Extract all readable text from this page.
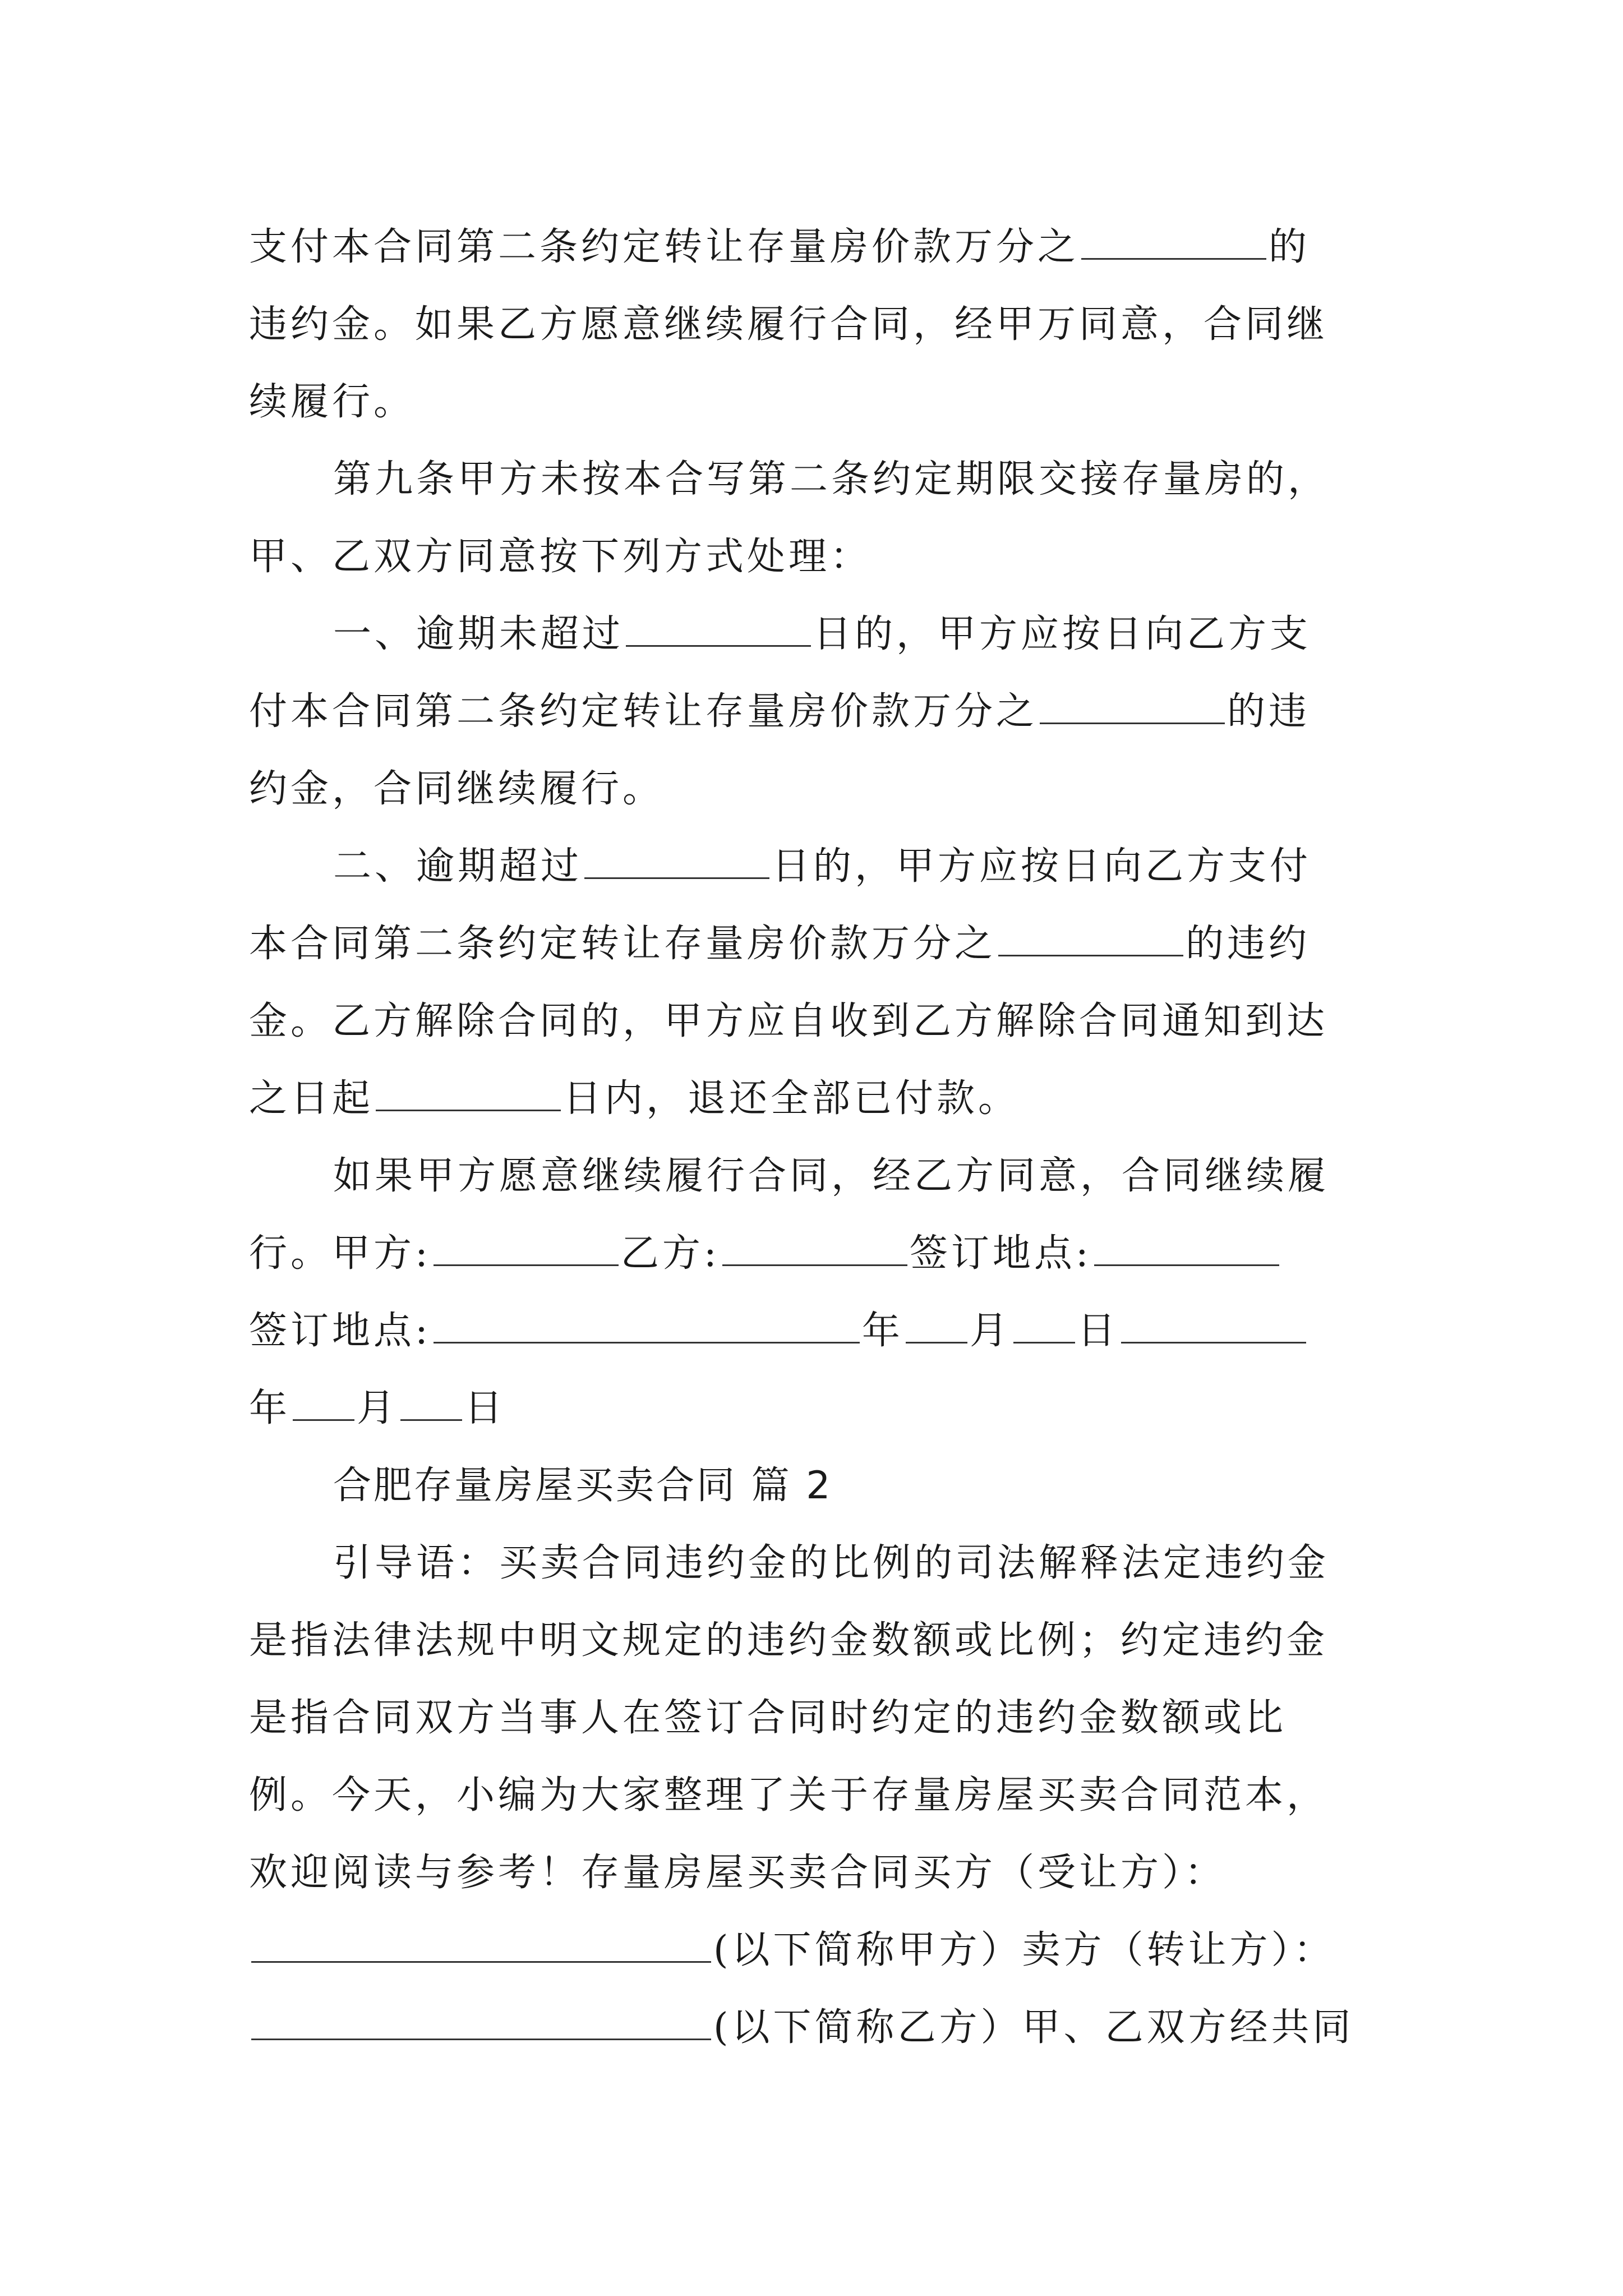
支付本合同第二条约定转让存量房价款万分之	的
违约金。如果乙方愿意继续履行合同，经甲万同意，合同继
续履行。
第九条甲方未按本合写第二条约定期限交接存量房的，
甲、乙双方同意按下列方式处理：
一、逾期未超过	日的，甲方应按日向乙方支
付本合同第二条约定转让存量房价款万分之	的违
约金，合同继续履行。
二、逾期超过	日的，甲方应按日向乙方支付
本合同第二条约定转让存量房价款万分之	的违约
金。乙方解除合同的，甲方应自收到乙方解除合同通知到达
之日起	日内，退还全部已付款。
如果甲方愿意继续履行合同，经乙方同意，合同继续履
行。甲方:	乙方:	签订地点:
签订地点:	年 月 日
年 月 日
合肥存量房屋买卖合同 篇 2
引导语：买卖合同违约金的比例的司法解释法定违约金
是指法律法规中明文规定的违约金数额或比例；约定违约金
是指合同双方当事人在签订合同时约定的违约金数额或比
例。今天，小编为大家整理了关于存量房屋买卖合同范本，
欢迎阅读与参考！存量房屋买卖合同买方（受让方）：
(以下简称甲方）卖方（转让方）：
(以下简称乙方）甲、乙双方经共同
